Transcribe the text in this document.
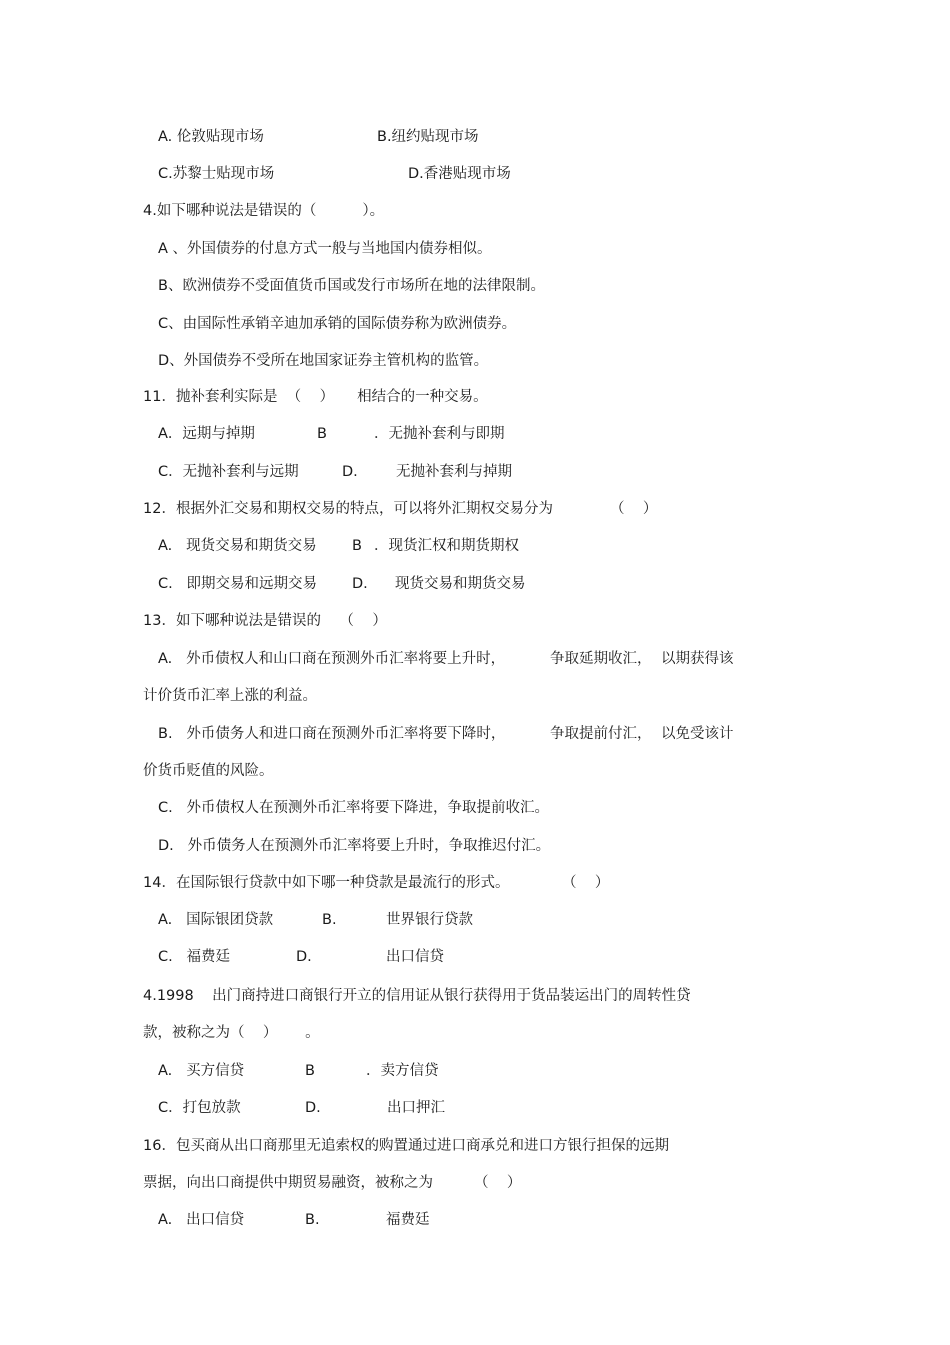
A. 伦敦贴现市场	B.纽约贴现市场
C.苏黎士贴现市场	D.香港贴现市场
4.如下哪种说法是错误的（          ）。
A 、外国债券的付息方式一般与当地国内债券相似。
B、欧洲债券不受面值货币国或发行市场所在地的法律限制。
C、由国际性承销辛迪加承销的国际债券称为欧洲债券。
D、外国债券不受所在地国家证券主管机构的监管。
11．抛补套利实际是  （    ）     相结合的一种交易。
A．远期与掉期	B	．无抛补套利与即期
C．无抛补套利与远期	D.	无抛补套利与掉期
12．根据外汇交易和期权交易的特点，可以将外汇期权交易分为	（    ）
A.   现货交易和期货交易 B ．现货汇权和期货期权
C.   即期交易和远期交易 D. 现货交易和期货交易
13．如下哪种说法是错误的    （    ）
A.   外币债权人和山口商在预测外币汇率将要上升时，	争取延期收汇， 以期获得该
计价货币汇率上涨的利益。
B.   外币债务人和进口商在预测外币汇率将要下降时，	争取提前付汇， 以免受该计
价货币贬值的风险。
C.   外币债权人在预测外币汇率将要下降进，争取提前收汇。
D.   外币债务人在预测外币汇率将要上升时，争取推迟付汇。
14．在国际银行贷款中如下哪一种贷款是最流行的形式。	（    ）
A.   国际银团贷款	B.	世界银行贷款
C.   福费廷	D.	出口信贷
4.1998    出门商持进口商银行开立的信用证从银行获得用于货品装运出门的周转性贷
款，被称之为（    ）      。
A.   买方信贷	B	．卖方信贷
C．打包放款	D.	出口押汇
16．包买商从出口商那里无追索权的购置通过进口商承兑和进口方银行担保的远期
票据，向出口商提供中期贸易融资，被称之为	（    ）
A.   出口信贷	B.	福费廷
